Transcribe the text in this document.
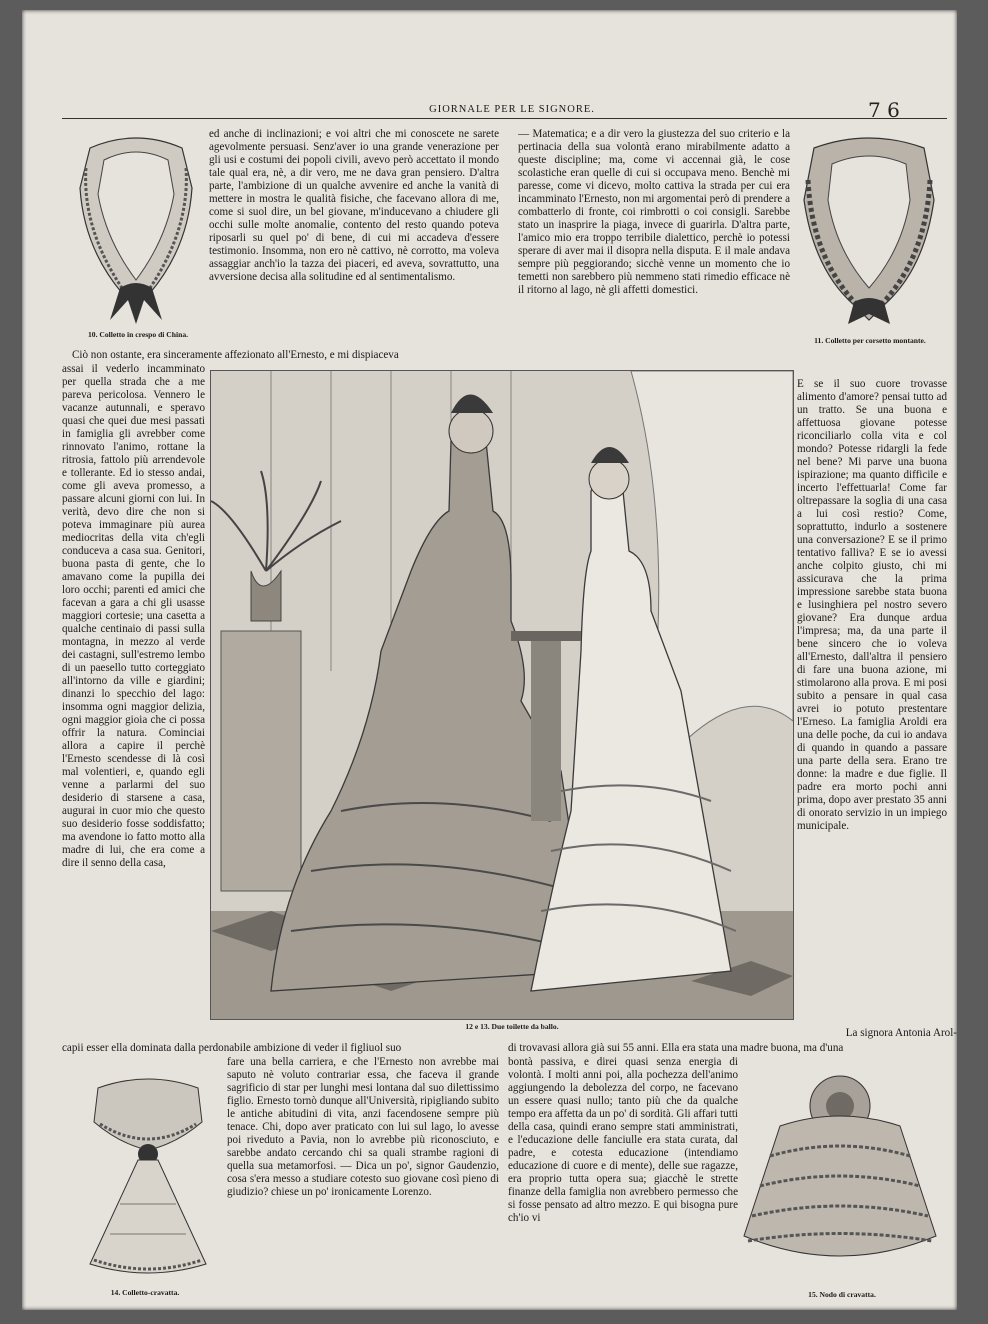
7 6
GIORNALE PER LE SIGNORE.
10. Colletto in crespo di China.
11. Colletto per corsetto montante.
ed anche di inclinazioni; e voi altri che mi conoscete ne sarete agevolmente persuasi. Senz'aver io una grande venerazione per gli usi e costumi dei popoli civili, avevo però accettato il mondo tale qual era, nè, a dir vero, me ne dava gran pensiero. D'altra parte, l'ambizione di un qualche avvenire ed anche la vanità di mettere in mostra le qualità fisiche, che facevano allora di me, come si suol dire, un bel giovane, m'inducevano a chiudere gli occhi sulle molte anomalie, contento del resto quando poteva riposarli su quel po' di bene, di cui mi accadeva d'essere testimonio. Insomma, non ero nè cattivo, nè corrotto, ma voleva assaggiar anch'io la tazza dei piaceri, ed aveva, sovrattutto, una avversione decisa alla solitudine ed al sentimentalismo.
— Matematica; e a dir vero la giustezza del suo criterio e la pertinacia della sua volontà erano mirabilmente adatto a queste discipline; ma, come vi accennai già, le cose scolastiche eran quelle di cui si occupava meno. Benchè mi paresse, come vi dicevo, molto cattiva la strada per cui era incamminato l'Ernesto, non mi argomentai però di prendere a combatterlo di fronte, coi rimbrotti o coi consigli. Sarebbe stato un inasprire la piaga, invece di guarirla. D'altra parte, l'amico mio era troppo terribile dialettico, perchè io potessi sperare di aver mai il disopra nella disputa. E il male andava sempre più peggiorando; sicchè venne un momento che io temetti non sarebbero più nemmeno stati rimedio efficace nè il ritorno al lago, nè gli affetti domestici.
Ciò non ostante, era sinceramente affezionato all'Ernesto, e mi dispiaceva
assai il vederlo incamminato per quella strada che a me pareva pericolosa. Vennero le vacanze autunnali, e speravo quasi che quei due mesi passati in famiglia gli avrebber come rinnovato l'animo, rottane la ritrosia, fattolo più arrendevole e tollerante. Ed io stesso andai, come gli aveva promesso, a passare alcuni giorni con lui. In verità, devo dire che non si poteva immaginare più aurea mediocritas della vita ch'egli conduceva a casa sua. Genitori, buona pasta di gente, che lo amavano come la pupilla dei loro occhi; parenti ed amici che facevan a gara a chi gli usasse maggiori cortesie; una casetta a qualche centinaio di passi sulla montagna, in mezzo al verde dei castagni, sull'estremo lembo di un paesello tutto corteggiato all'intorno da ville e giardini; dinanzi lo specchio del lago: insomma ogni maggior delizia, ogni maggior gioia che ci possa offrir la natura. Cominciai allora a capire il perchè l'Ernesto scendesse di là così mal volentieri, e, quando egli venne a parlarmi del suo desiderio di starsene a casa, augurai in cuor mio che questo suo desiderio fosse soddisfatto; ma avendone io fatto motto alla madre di lui, che era come a dire il senno della casa,
12 e 13. Due toilette da ballo.
E se il suo cuore trovasse alimento d'amore? pensai tutto ad un tratto. Se una buona e affettuosa giovane potesse riconciliarlo colla vita e col mondo? Potesse ridargli la fede nel bene? Mi parve una buona ispirazione; ma quanto difficile e incerto l'effettuarla! Come far oltrepassare la soglia di una casa a lui così restio? Come, soprattutto, indurlo a sostenere una conversazione? E se il primo tentativo falliva? E se io avessi anche colpito giusto, chi mi assicurava che la prima impressione sarebbe stata buona e lusinghiera pel nostro severo giovane? Era dunque ardua l'impresa; ma, da una parte il bene sincero che io voleva all'Ernesto, dall'altra il pensiero di fare una buona azione, mi stimolarono alla prova. E mi posi subito a pensare in qual casa avrei io potuto prestentare l'Erneso. La famiglia Aroldi era una delle poche, da cui io andava di quando in quando a passare una parte della sera. Erano tre donne: la madre e due figlie. Il padre era morto pochi anni prima, dopo aver prestato 35 anni di onorato servizio in un impiego municipale.
La signora Antonia Arol-
capii esser ella dominata dalla perdonabile ambizione di veder il figliuol suo	di trovavasi allora già sui 55 anni. Ella era stata una madre buona, ma d'una
14. Colletto-cravatta.
fare una bella carriera, e che l'Ernesto non avrebbe mai saputo nè voluto contrariar essa, che faceva il grande sagrificio di star per lunghi mesi lontana dal suo dilettissimo figlio. Ernesto tornò dunque all'Università, ripigliando subito le antiche abitudini di vita, anzi facendosene sempre più tenace. Chi, dopo aver praticato con lui sul lago, lo avesse poi riveduto a Pavia, non lo avrebbe più riconosciuto, e sarebbe andato cercando chi sa quali strambe ragioni di quella sua metamorfosi. — Dica un po', signor Gaudenzio, cosa s'era messo a studiare cotesto suo giovane così pieno di giudizio? chiese un po' ironicamente Lorenzo.
bontà passiva, e direi quasi senza energia di volontà. I molti anni poi, alla pochezza dell'animo aggiungendo la debolezza del corpo, ne facevano un essere quasi nullo; tanto più che da qualche tempo era affetta da un po' di sordità. Gli affari tutti della casa, quindi erano sempre stati amministrati, e l'educazione delle fanciulle era stata curata, dal padre, e cotesta educazione (intendiamo educazione di cuore e di mente), delle sue ragazze, era proprio tutta opera sua; giacchè le strette finanze della famiglia non avrebbero permesso che si fosse pensato ad altro mezzo. E qui bisogna pure ch'io vi
15. Nodo di cravatta.
